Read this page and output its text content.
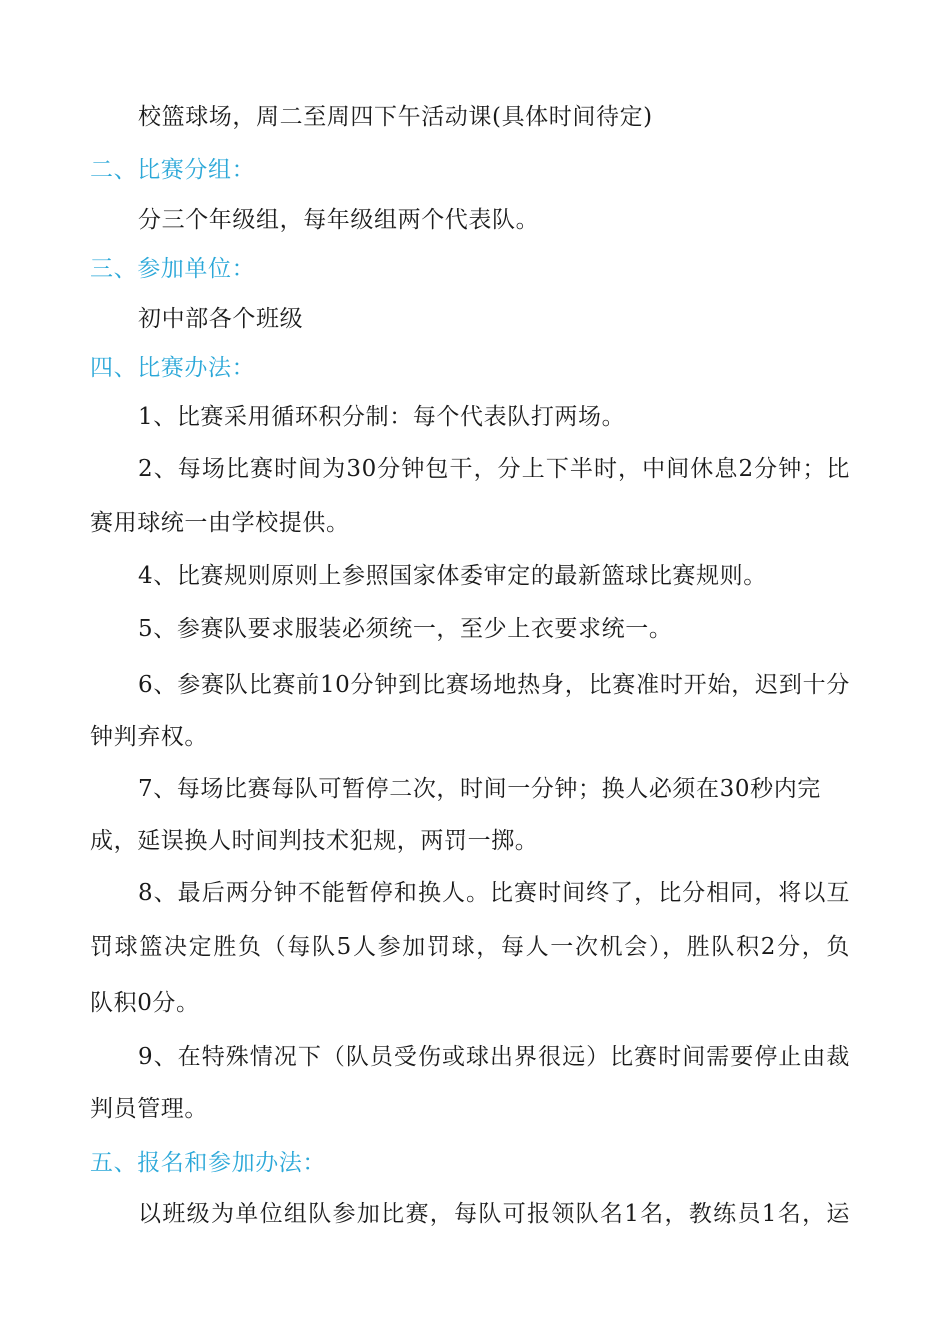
校篮球场，周二至周四下午活动课(具体时间待定)
二、比赛分组：
分三个年级组，每年级组两个代表队。
三、参加单位：
初中部各个班级
四、比赛办法：
1、比赛采用循环积分制：每个代表队打两场。
2、每场比赛时间为30分钟包干，分上下半时，中间休息2分钟；比
赛用球统一由学校提供。
4、比赛规则原则上参照国家体委审定的最新篮球比赛规则。
5、参赛队要求服装必须统一，至少上衣要求统一。
6、参赛队比赛前10分钟到比赛场地热身，比赛准时开始，迟到十分
钟判弃权。
7、每场比赛每队可暂停二次，时间一分钟；换人必须在30秒内完
成，延误换人时间判技术犯规，两罚一掷。
8、最后两分钟不能暂停和换人。比赛时间终了，比分相同，将以互
罚球篮决定胜负（每队5人参加罚球，每人一次机会），胜队积2分，负
队积0分。
9、在特殊情况下（队员受伤或球出界很远）比赛时间需要停止由裁
判员管理。
五、报名和参加办法：
以班级为单位组队参加比赛，每队可报领队名1名，教练员1名，运
